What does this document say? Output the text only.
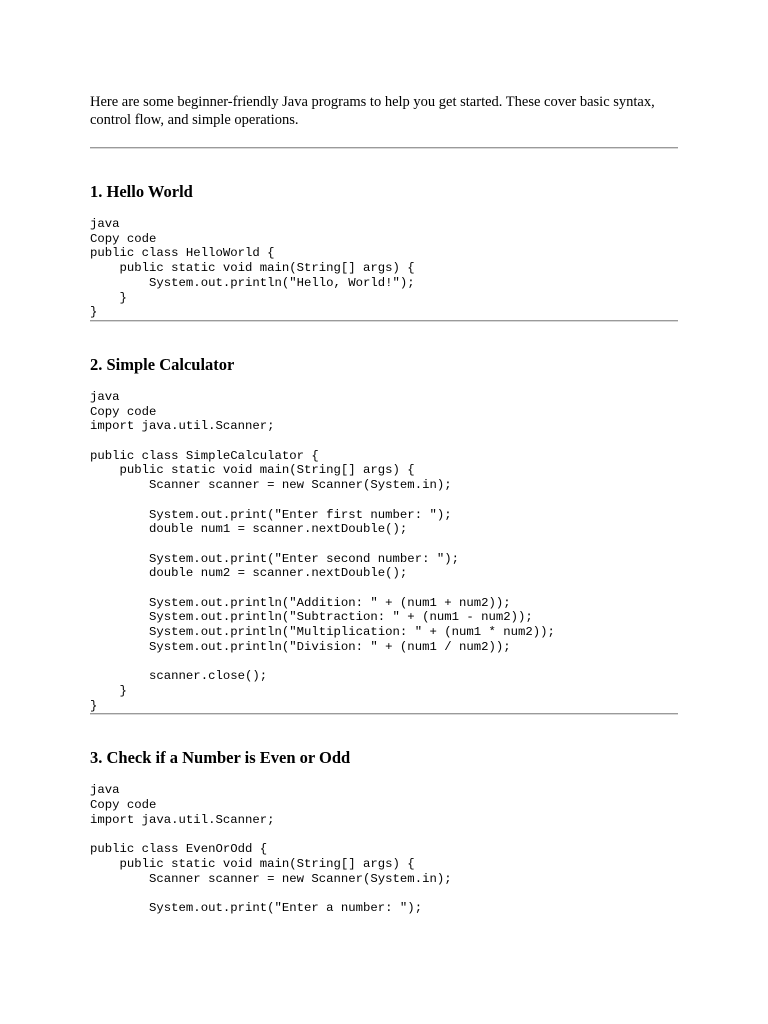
Here are some beginner-friendly Java programs to help you get started. These cover basic syntax, control flow, and simple operations.

1. Hello World
java
Copy code
public class HelloWorld {
public static void main(String[] args) {
System.out.println("Hello, World!");
}
}
2. Simple Calculator
java
Copy code
import java.util.Scanner;

public class SimpleCalculator {
public static void main(String[] args) {
Scanner scanner = new Scanner(System.in);

System.out.print("Enter first number: ");
double num1 = scanner.nextDouble();

System.out.print("Enter second number: ");
double num2 = scanner.nextDouble();

System.out.println("Addition: " + (num1 + num2));
System.out.println("Subtraction: " + (num1 - num2));
System.out.println("Multiplication: " + (num1 * num2));
System.out.println("Division: " + (num1 / num2));

scanner.close();
}
}
3. Check if a Number is Even or Odd
java
Copy code
import java.util.Scanner;

public class EvenOrOdd {
public static void main(String[] args) {
Scanner scanner = new Scanner(System.in);

System.out.print("Enter a number: ");
